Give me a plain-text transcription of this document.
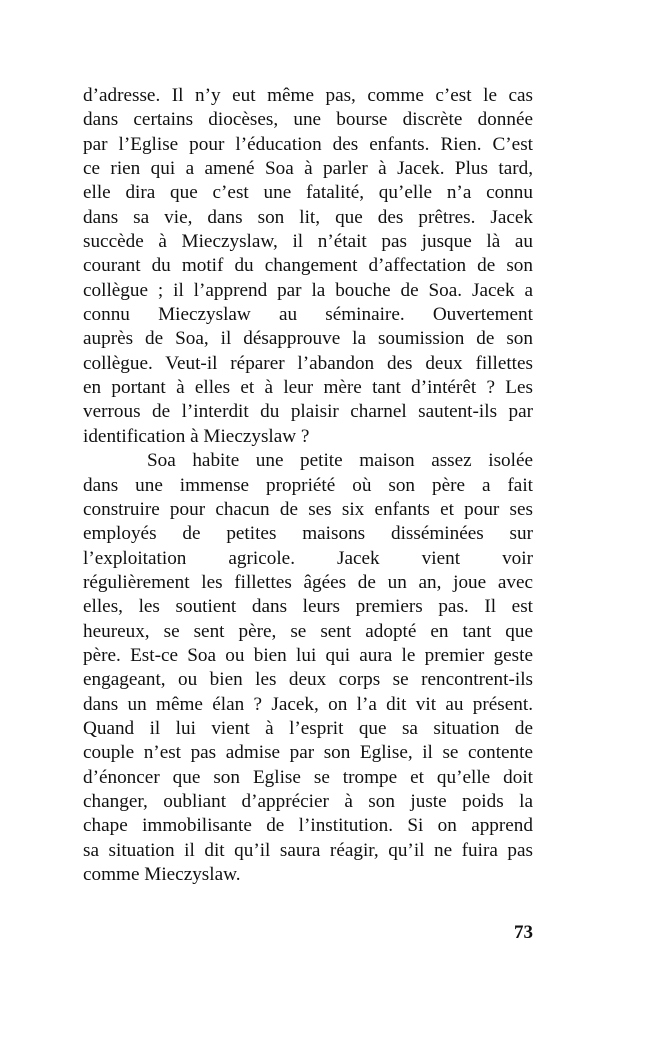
d’adresse. Il n’y eut même pas, comme c’est le cas
dans certains diocèses, une bourse discrète donnée
par l’Eglise pour l’éducation des enfants. Rien. C’est
ce rien qui a amené Soa à parler à Jacek. Plus tard,
elle dira que c’est une fatalité, qu’elle n’a connu
dans sa vie, dans son lit, que des prêtres. Jacek
succède à Mieczyslaw, il n’était pas jusque là au
courant du motif du changement d’affectation de son
collègue ; il l’apprend par la bouche de Soa. Jacek a
connu Mieczyslaw au séminaire. Ouvertement
auprès de Soa, il désapprouve la soumission de son
collègue. Veut-il réparer l’abandon des deux fillettes
en portant à elles et à leur mère tant d’intérêt ? Les
verrous de l’interdit du plaisir charnel sautent-ils par
identification à Mieczyslaw ?
Soa habite une petite maison assez isolée
dans une immense propriété où son père a fait
construire pour chacun de ses six enfants et pour ses
employés de petites maisons disséminées sur
l’exploitation agricole. Jacek vient voir
régulièrement les fillettes âgées de un an, joue avec
elles, les soutient dans leurs premiers pas. Il est
heureux, se sent père, se sent adopté en tant que
père. Est-ce Soa ou bien lui qui aura le premier geste
engageant, ou bien les deux corps se rencontrent-ils
dans un même élan ? Jacek, on l’a dit vit au présent.
Quand il lui vient à l’esprit que sa situation de
couple n’est pas admise par son Eglise, il se contente
d’énoncer que son Eglise se trompe et qu’elle doit
changer, oubliant d’apprécier à son juste poids la
chape immobilisante de l’institution. Si on apprend
sa situation il dit qu’il saura réagir, qu’il ne fuira pas
comme Mieczyslaw.
73
